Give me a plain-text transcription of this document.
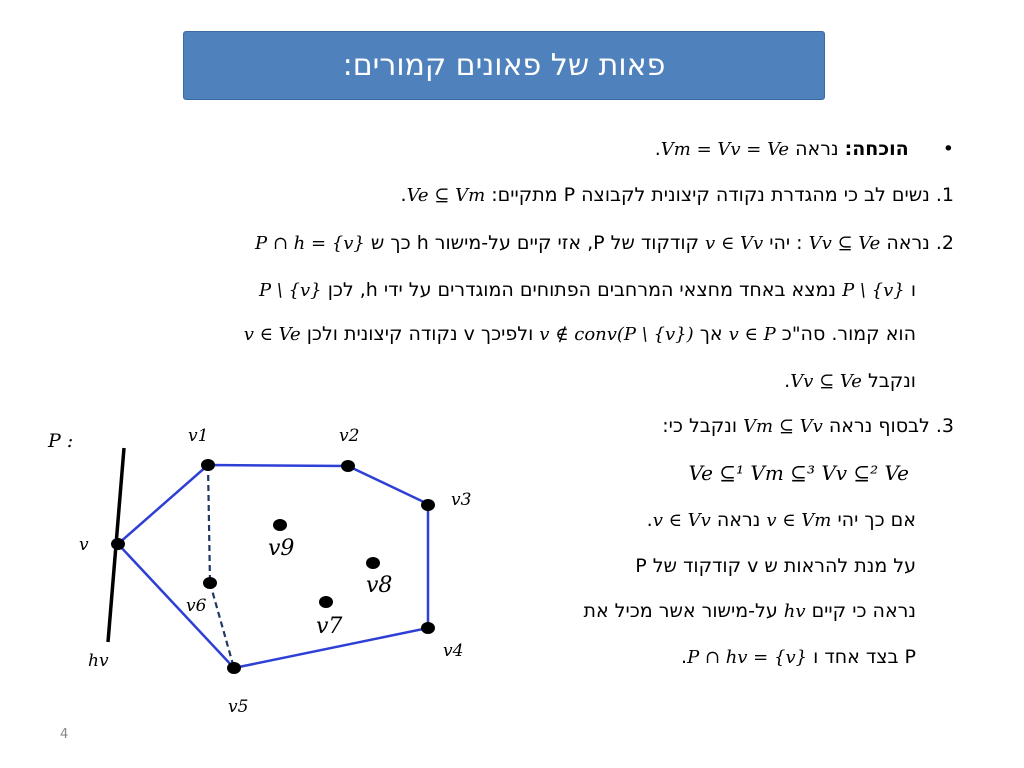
פאות של פאונים קמורים:
•  הוכחה: נראה Vm = Vv = Ve.
1. נשים לב כי מהגדרת נקודה קיצונית לקבוצה P מתקיים: Ve ⊆ Vm.
2. נראה Vv ⊆ Ve : יהי v ∈ Vv קודקוד של P, אזי קיים על-מישור h כך ש P ∩ h = {v}
ו P \ {v} נמצא באחד מחצאי המרחבים הפתוחים המוגדרים על ידי h, לכן P \ {v}
הוא קמור. סה"כ v ∈ P אך v ∉ conv(P \ {v}) ולפיכך v נקודה קיצונית ולכן v ∈ Ve
ונקבל Vv ⊆ Ve.
3. לבסוף נראה Vm ⊆ Vv ונקבל כי:
Ve ⊆¹ Vm ⊆³ Vv ⊆² Ve
אם כך יהי v ∈ Vm נראה v ∈ Vv.
על מנת להראות ש v קודקוד של P
נראה כי קיים hv על-מישור אשר מכיל את
P בצד אחד ו P ∩ hv = {v}.
P :	v1	v2
v3
v4
v5
v6
v7
v8
v9
v
hv
4
